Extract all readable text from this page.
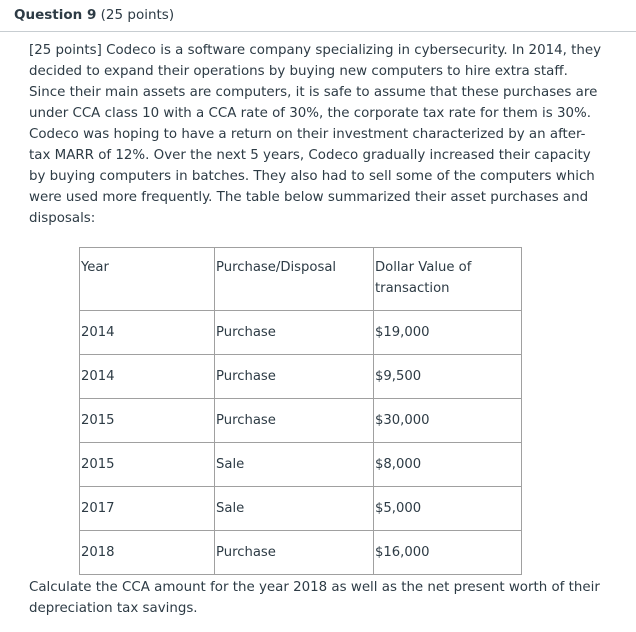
Question 9 (25 points)
[25 points] Codeco is a software company specializing in cybersecurity. In 2014, they
decided to expand their operations by buying new computers to hire extra staff.
Since their main assets are computers, it is safe to assume that these purchases are
under CCA class 10 with a CCA rate of 30%, the corporate tax rate for them is 30%.
Codeco was hoping to have a return on their investment characterized by an after-
tax MARR of 12%. Over the next 5 years, Codeco gradually increased their capacity
by buying computers in batches. They also had to sell some of the computers which
were used more frequently. The table below summarized their asset purchases and
disposals:
Year	Purchase/Disposal	Dollar Value of
transaction

2014	Purchase	$19,000

2014	Purchase	$9,500

2015	Purchase	$30,000

2015	Sale	$8,000

2017	Sale	$5,000

2018	Purchase	$16,000
Calculate the CCA amount for the year 2018 as well as the net present worth of their
depreciation tax savings.
